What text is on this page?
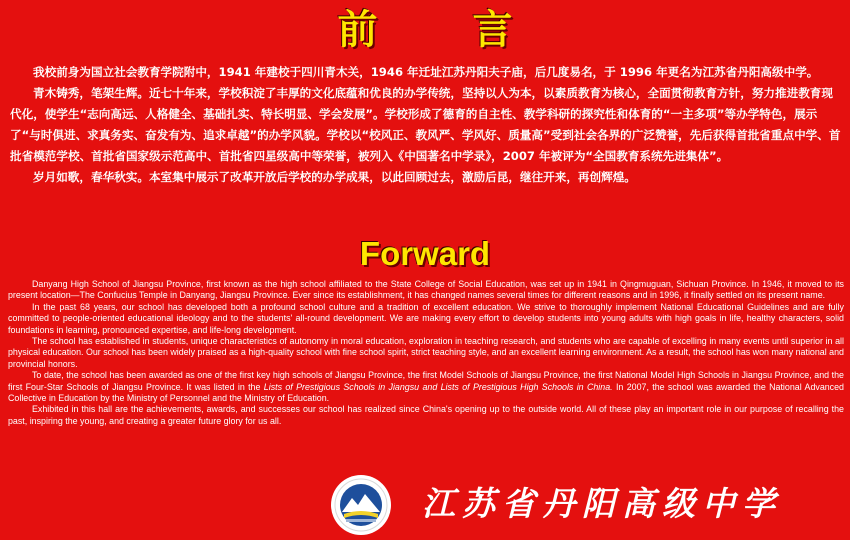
前言

我校前身为国立社会教育学院附中，1941 年建校于四川青木关，1946 年迁址江苏丹阳夫子庙，后几度易名，于 1996 年更名为江苏省丹阳高级中学。

青木铸秀，笔架生辉。近七十年来，学校积淀了丰厚的文化底蕴和优良的办学传统，坚持以人为本，以素质教育为核心，全面贯彻教育方针，努力推进教育现代化，使学生“志向高远、人格健全、基础扎实、特长明显、学会发展”。学校形成了德育的自主性、教学科研的探究性和体育的“一主多项”等办学特色，展示了“与时俱进、求真务实、奋发有为、追求卓越”的办学风貌。学校以“校风正、教风严、学风好、质量高”受到社会各界的广泛赞誉，先后获得首批省重点中学、首批省模范学校、首批省国家级示范高中、首批省四星级高中等荣誉，被列入《中国著名中学录》，2007 年被评为“全国教育系统先进集体”。

岁月如歌，春华秋实。本室集中展示了改革开放后学校的办学成果，以此回顾过去，激励后昆，继往开来，再创辉煌。

Forward

Danyang High School of Jiangsu Province, first known as the high school affiliated to the State College of Social Education, was set up in 1941 in Qingmuguan, Sichuan Province. In 1946, it moved to its present location—The Confucius Temple in Danyang, Jiangsu Province. Ever since its establishment, it has changed names several times for different reasons and in 1996, it finally settled on its present name.

In the past 68 years, our school has developed both a profound school culture and a tradition of excellent education. We strive to thoroughly implement National Educational Guidelines and are fully committed to people-oriented educational ideology and to the students' all-round development. We are making every effort to develop students into young adults with high goals in life, healthy characters, solid foundations in learning, pronounced expertise, and life-long development.

The school has established in students, unique characteristics of autonomy in moral education, exploration in teaching research, and students who are capable of excelling in many events until superior in all physical education. Our school has been widely praised as a high-quality school with fine school spirit, strict teaching style, and an excellent learning environment. As a result, the school has won many national and provincial honors.

To date, the school has been awarded as one of the first key high schools of Jiangsu Province, the first Model Schools of Jiangsu Province, the first National Model High Schools in Jiangsu Province, and the first Four-Star Schools of Jiangsu Province. It was listed in the Lists of Prestigious Schools in Jiangsu and Lists of Prestigious High Schools in China. In 2007, the school was awarded the National Advanced Collective in Education by the Ministry of Personnel and the Ministry of Education.

Exhibited in this hall are the achievements, awards, and successes our school has realized since China's opening up to the outside world. All of these play an important role in our purpose of recalling the past, inspiring the young, and creating a greater future glory for us all.

江苏省丹阳高级中学
